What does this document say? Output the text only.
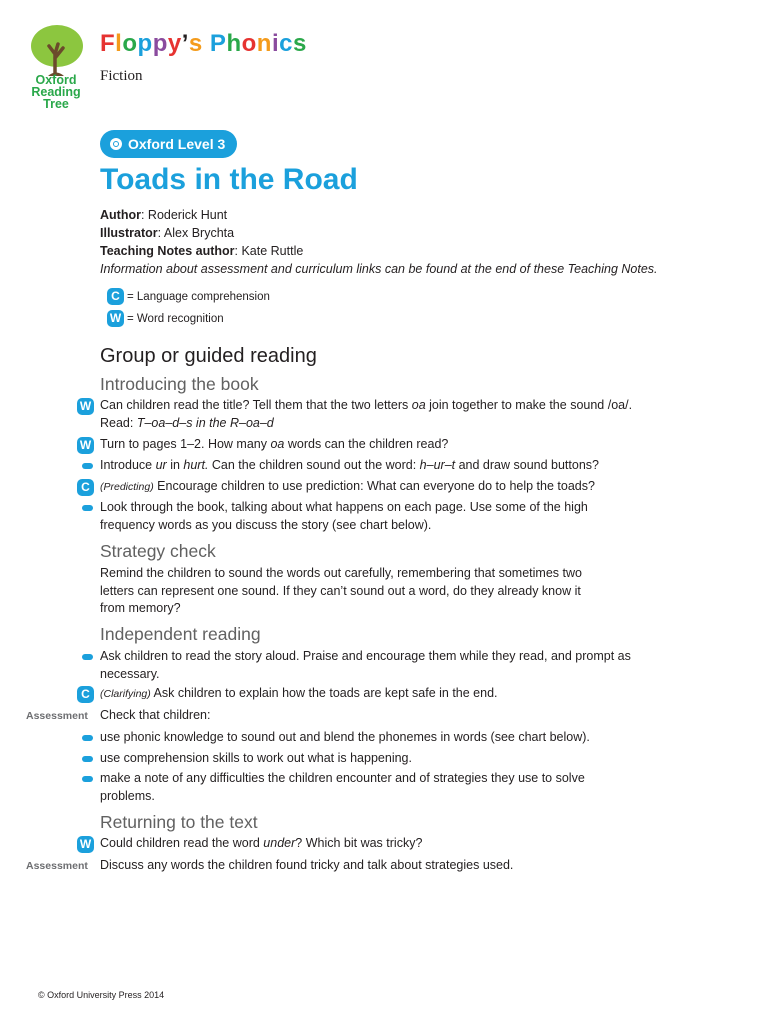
Oxford
Reading
Tree
Floppy’s Phonics
Fiction
Oxford Level 3
Toads in the Road
Author: Roderick Hunt
Illustrator: Alex Brychta
Teaching Notes author: Kate Ruttle
Information about assessment and curriculum links can be found at the end of these Teaching Notes.
C = Language comprehension
W = Word recognition
Group or guided reading
Introducing the book
W Can children read the title? Tell them that the two letters oa join together to make the sound /oa/.
Read: T–oa–d–s in the R–oa–d
W Turn to pages 1–2. How many oa words can the children read?
Introduce ur in hurt. Can the children sound out the word: h–ur–t and draw sound buttons?
C (Predicting) Encourage children to use prediction: What can everyone do to help the toads?
Look through the book, talking about what happens on each page. Use some of the high
frequency words as you discuss the story (see chart below).
Strategy check
Remind the children to sound the words out carefully, remembering that sometimes two
letters can represent one sound. If they can’t sound out a word, do they already know it
from memory?
Independent reading
Ask children to read the story aloud. Praise and encourage them while they read, and prompt as
necessary.
C (Clarifying) Ask children to explain how the toads are kept safe in the end.
Assessment Check that children:
use phonic knowledge to sound out and blend the phonemes in words (see chart below).
use comprehension skills to work out what is happening.
make a note of any difficulties the children encounter and of strategies they use to solve
problems.
Returning to the text
W Could children read the word under? Which bit was tricky?
Assessment Discuss any words the children found tricky and talk about strategies used.
© Oxford University Press 2014
